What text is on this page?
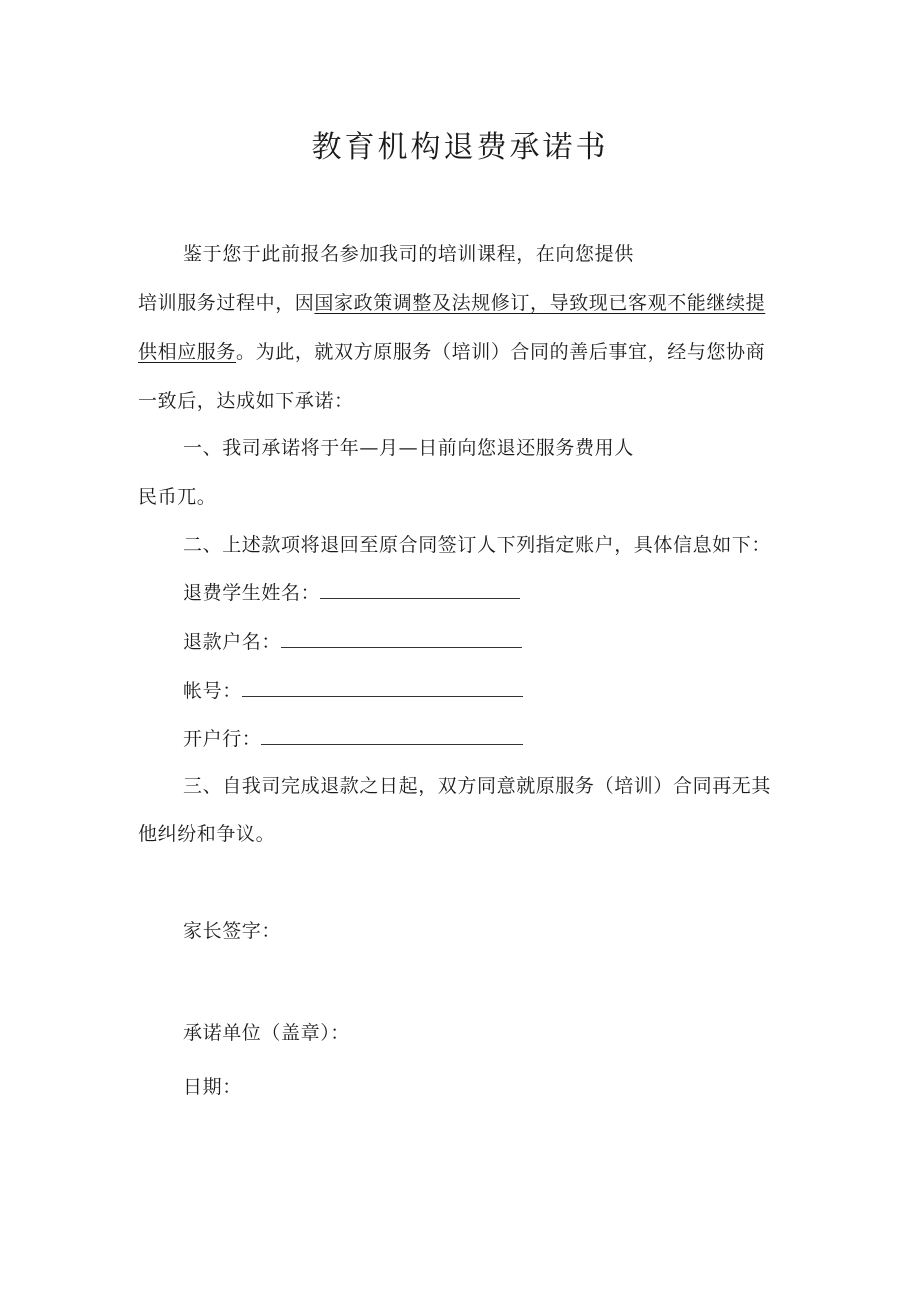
教育机构退费承诺书
鉴于您于此前报名参加我司的培训课程，在向您提供
培训服务过程中，因国家政策调整及法规修订，导致现已客观不能继续提
供相应服务。为此，就双方原服务（培训）合同的善后事宜，经与您协商
一致后，达成如下承诺：
一、我司承诺将于年—月—日前向您退还服务费用人
民币兀。
二、上述款项将退回至原合同签订人下列指定账户，具体信息如下：
退费学生姓名：
退款户名：
帐号：
开户行：
三、自我司完成退款之日起，双方同意就原服务（培训）合同再无其
他纠纷和争议。
家长签字：
承诺单位（盖章）：
日期：
